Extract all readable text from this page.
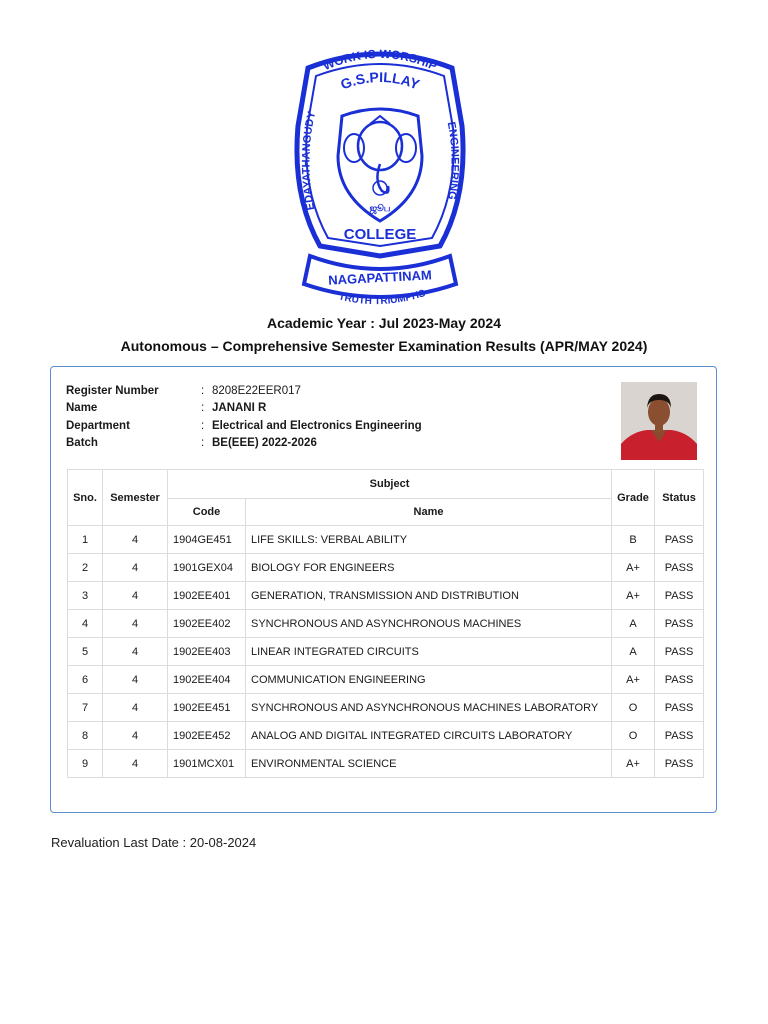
ஜூப
WORK IS WORSHIP
G.S.PILLAY
EDAYATHANGUDY
ENGINEERING
COLLEGE
NAGAPATTINAM
TRUTH TRIUMPHS
Academic Year : Jul 2023-May 2024
Autonomous – Comprehensive Semester Examination Results (APR/MAY 2024)
Register Number	: 8208E22EER017
Name	: JANANI R
Department	: Electrical and Electronics Engineering
Batch	: BE(EEE) 2022-2026
Sno.	Semester	Subject		Grade	Status
		Code	Name		
1	4	1904GE451	LIFE SKILLS: VERBAL ABILITY	B	PASS
2	4	1901GEX04	BIOLOGY FOR ENGINEERS	A+	PASS
3	4	1902EE401	GENERATION, TRANSMISSION AND DISTRIBUTION	A+	PASS
4	4	1902EE402	SYNCHRONOUS AND ASYNCHRONOUS MACHINES	A	PASS
5	4	1902EE403	LINEAR INTEGRATED CIRCUITS	A	PASS
6	4	1902EE404	COMMUNICATION ENGINEERING	A+	PASS
7	4	1902EE451	SYNCHRONOUS AND ASYNCHRONOUS MACHINES LABORATORY	O	PASS
8	4	1902EE452	ANALOG AND DIGITAL INTEGRATED CIRCUITS LABORATORY	O	PASS
9	4	1901MCX01	ENVIRONMENTAL SCIENCE	A+	PASS
Revaluation Last Date : 20-08-2024
